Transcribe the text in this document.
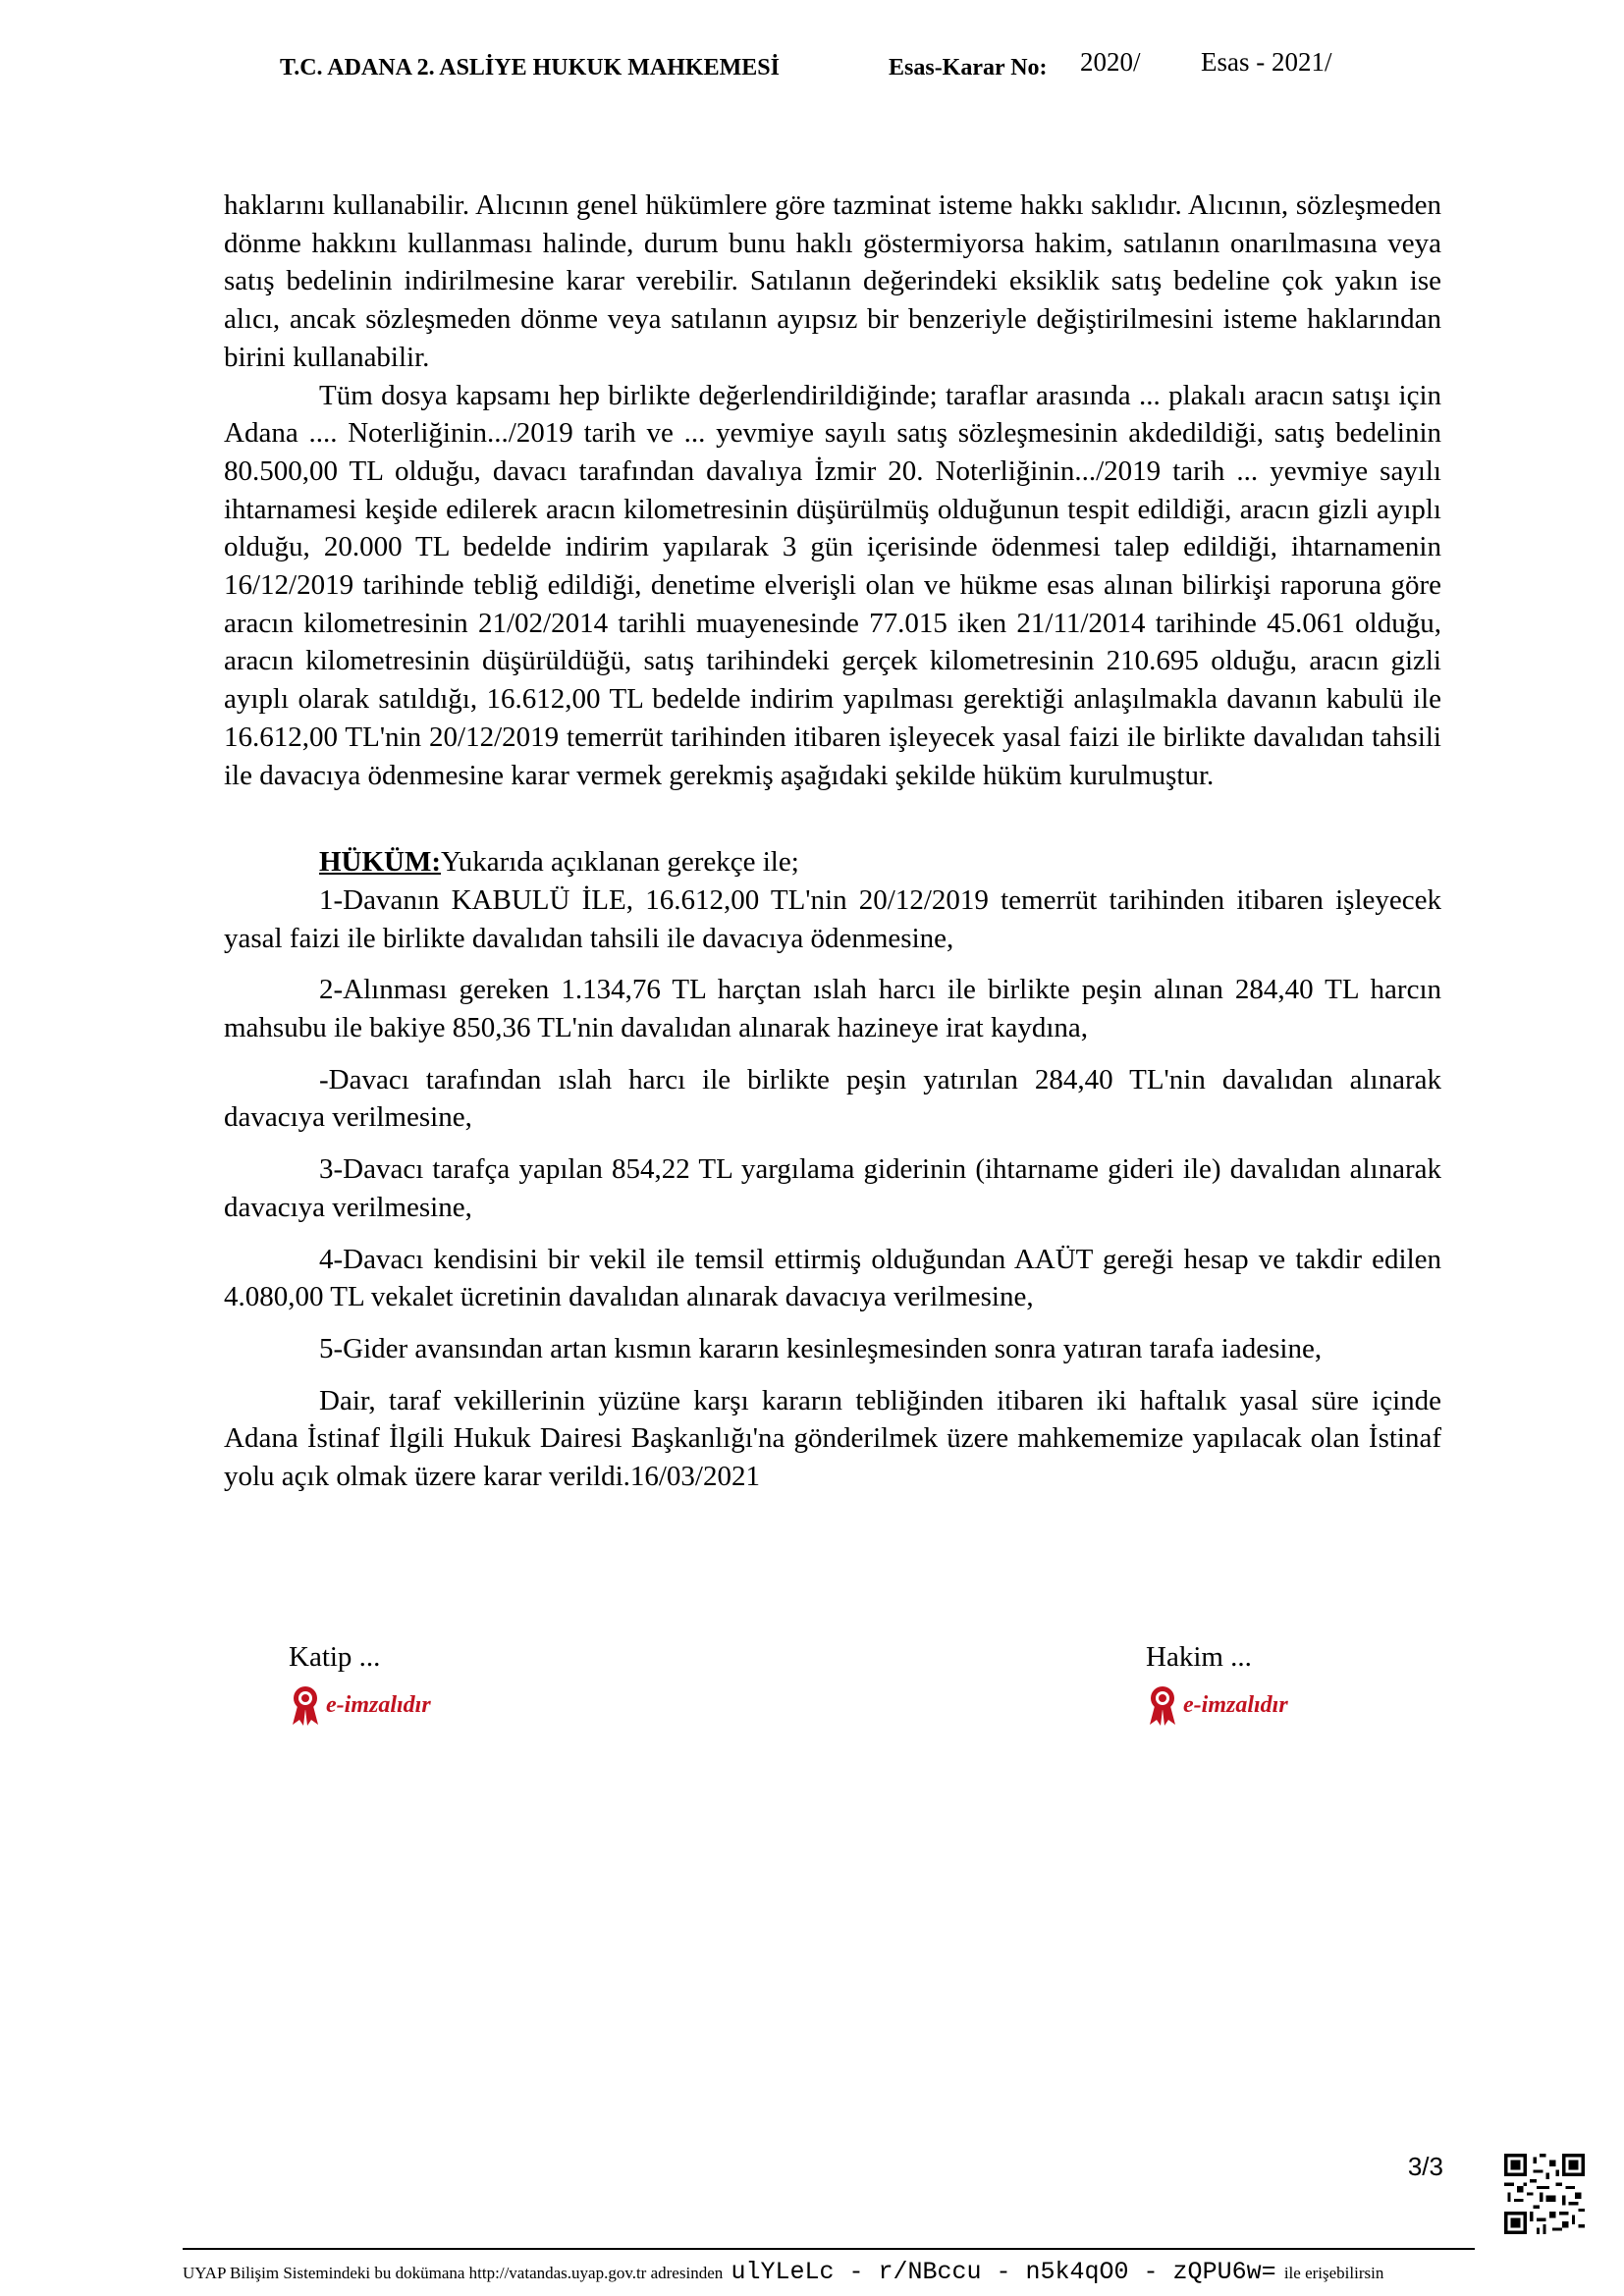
T.C. ADANA 2. ASLİYE HUKUK MAHKEMESİ	Esas-Karar No: 2020/ Esas - 2021/

haklarını kullanabilir. Alıcının genel hükümlere göre tazminat isteme hakkı saklıdır. Alıcının, sözleşmeden dönme hakkını kullanması halinde, durum bunu haklı göstermiyorsa hakim, satılanın onarılmasına veya satış bedelinin indirilmesine karar verebilir. Satılanın değerindeki eksiklik satış bedeline çok yakın ise alıcı, ancak sözleşmeden dönme veya satılanın ayıpsız bir benzeriyle değiştirilmesini isteme haklarından birini kullanabilir.

Tüm dosya kapsamı hep birlikte değerlendirildiğinde; taraflar arasında ... plakalı aracın satışı için Adana .... Noterliğinin.../2019 tarih ve ... yevmiye sayılı satış sözleşmesinin akdedildiği, satış bedelinin 80.500,00 TL olduğu, davacı tarafından davalıya İzmir 20. Noterliğinin.../2019 tarih ... yevmiye sayılı ihtarnamesi keşide edilerek aracın kilometresinin düşürülmüş olduğunun tespit edildiği, aracın gizli ayıplı olduğu, 20.000 TL bedelde indirim yapılarak 3 gün içerisinde ödenmesi talep edildiği, ihtarnamenin 16/12/2019 tarihinde tebliğ edildiği, denetime elverişli olan ve hükme esas alınan bilirkişi raporuna göre aracın kilometresinin 21/02/2014 tarihli muayenesinde 77.015 iken 21/11/2014 tarihinde 45.061 olduğu, aracın kilometresinin düşürüldüğü, satış tarihindeki gerçek kilometresinin 210.695 olduğu, aracın gizli ayıplı olarak satıldığı, 16.612,00 TL bedelde indirim yapılması gerektiği anlaşılmakla davanın kabulü ile 16.612,00 TL'nin 20/12/2019 temerrüt tarihinden itibaren işleyecek yasal faizi ile birlikte davalıdan tahsili ile davacıya ödenmesine karar vermek gerekmiş aşağıdaki şekilde hüküm kurulmuştur.

HÜKÜM:Yukarıda açıklanan gerekçe ile;

1-Davanın KABULÜ İLE, 16.612,00 TL'nin 20/12/2019 temerrüt tarihinden itibaren işleyecek yasal faizi ile birlikte davalıdan tahsili ile davacıya ödenmesine,

2-Alınması gereken 1.134,76 TL harçtan ıslah harcı ile birlikte peşin alınan 284,40 TL harcın mahsubu ile bakiye 850,36 TL'nin davalıdan alınarak hazineye irat kaydına,

-Davacı tarafından ıslah harcı ile birlikte peşin yatırılan 284,40 TL'nin davalıdan alınarak davacıya verilmesine,

3-Davacı tarafça yapılan 854,22 TL yargılama giderinin (ihtarname gideri ile) davalıdan alınarak davacıya verilmesine,

4-Davacı kendisini bir vekil ile temsil ettirmiş olduğundan AAÜT gereği hesap ve takdir edilen 4.080,00 TL vekalet ücretinin davalıdan alınarak davacıya verilmesine,

5-Gider avansından artan kısmın kararın kesinleşmesinden sonra yatıran tarafa iadesine,

Dair, taraf vekillerinin yüzüne karşı kararın tebliğinden itibaren iki haftalık yasal süre içinde Adana İstinaf İlgili Hukuk Dairesi Başkanlığı'na gönderilmek üzere mahkememize yapılacak olan İstinaf yolu açık olmak üzere karar verildi.16/03/2021

Katip ...
e-imzalıdır
Hakim ...
e-imzalıdır
3/3
UYAP Bilişim Sistemindeki bu dokümana http://vatandas.uyap.gov.tr adresinden ulYLeLc - r/NBccu - n5k4qO0 - zQPU6w= ile erişebilirsin
